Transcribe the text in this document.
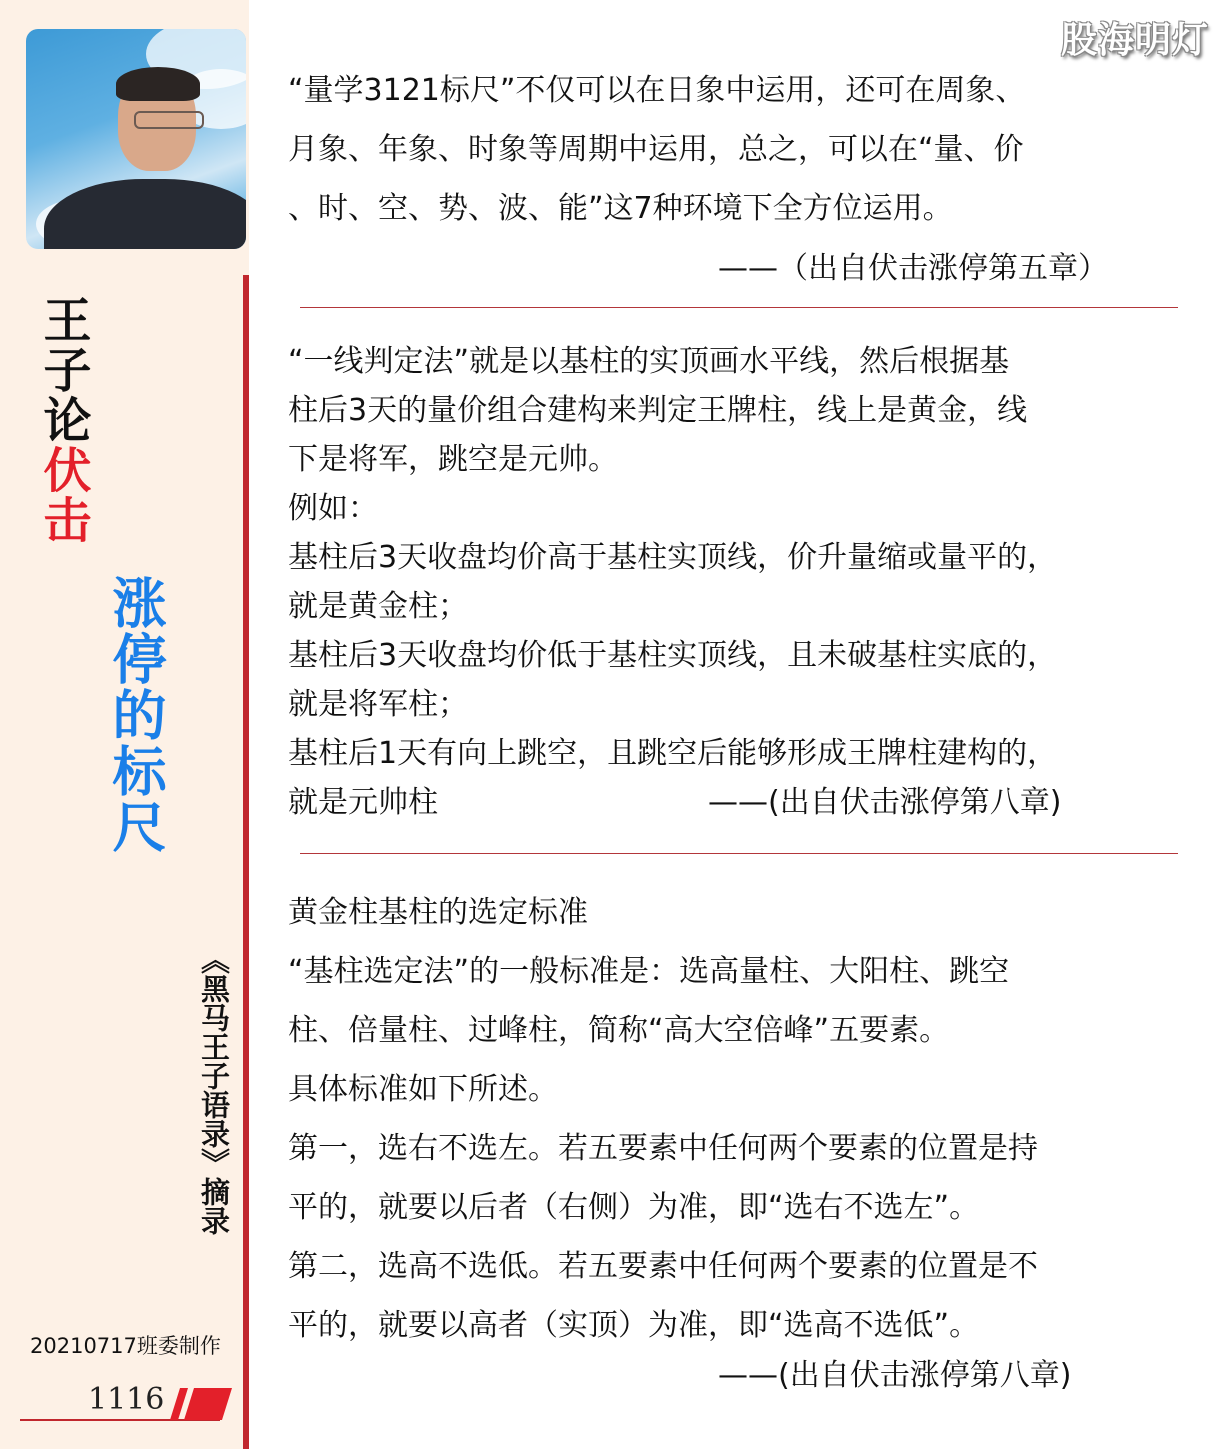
王子论伏击
涨停的标尺
《黑马王子语录》摘录
20210717班委制作
1116
股海明灯
“量学3121标尺”不仅可以在日象中运用，还可在周象、
月象、年象、时象等周期中运用，总之，可以在“量、价
、时、空、势、波、能”这7种环境下全方位运用。
——（出自伏击涨停第五章）
“一线判定法”就是以基柱的实顶画水平线，然后根据基
柱后3天的量价组合建构来判定王牌柱，线上是黄金，线
下是将军，跳空是元帅。
例如：
基柱后3天收盘均价高于基柱实顶线，价升量缩或量平的，
就是黄金柱；
基柱后3天收盘均价低于基柱实顶线，且未破基柱实底的，
就是将军柱；
基柱后1天有向上跳空，且跳空后能够形成王牌柱建构的，
就是元帅柱	——(出自伏击涨停第八章)
黄金柱基柱的选定标准
“基柱选定法”的一般标准是：选高量柱、大阳柱、跳空
柱、倍量柱、过峰柱，简称“高大空倍峰”五要素。
具体标准如下所述。
第一，选右不选左。若五要素中任何两个要素的位置是持
平的，就要以后者（右侧）为准，即“选右不选左”。
第二，选高不选低。若五要素中任何两个要素的位置是不
平的，就要以高者（实顶）为准，即“选高不选低”。
——(出自伏击涨停第八章)
